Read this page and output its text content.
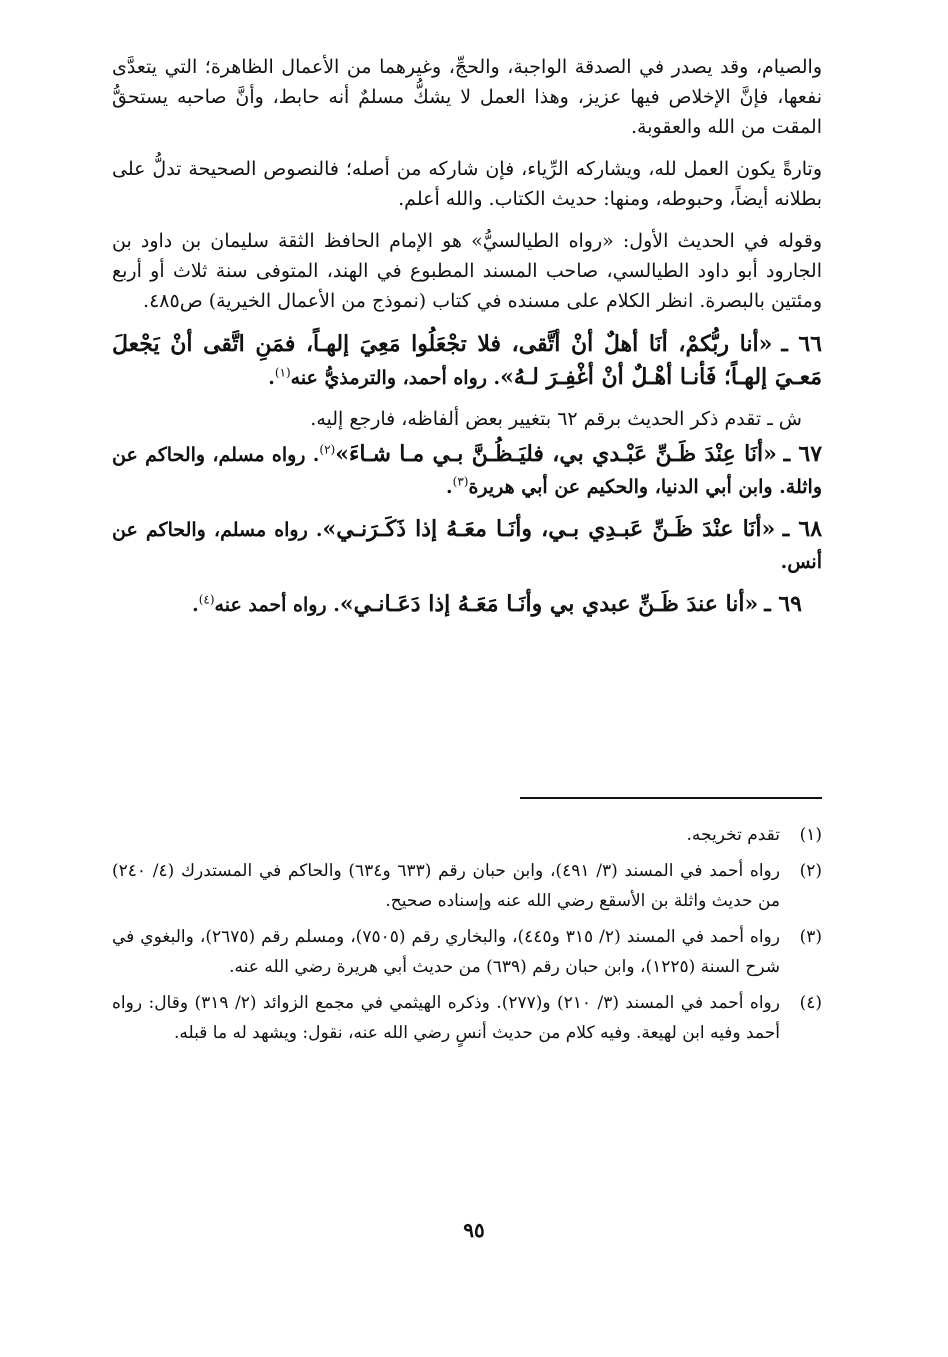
والصيام، وقد يصدر في الصدقة الواجبة، والحجِّ، وغيرهما من الأعمال الظاهرة؛ التي يتعدَّى نفعها، فإنَّ الإخلاص فيها عزيز، وهذا العمل لا يشكُّ مسلمٌ أنه حابط، وأنَّ صاحبه يستحقُّ المقت من الله والعقوبة.

وتارةً يكون العمل لله، ويشاركه الرِّياء، فإن شاركه من أصله؛ فالنصوص الصحيحة تدلُّ على بطلانه أيضاً، وحبوطه، ومنها: حديث الكتاب. والله أعلم.

وقوله في الحديث الأول: «رواه الطيالسيُّ» هو الإمام الحافظ الثقة سليمان بن داود بن الجارود أبو داود الطيالسي، صاحب المسند المطبوع في الهند، المتوفى سنة ثلاث أو أربع ومئتين بالبصرة. انظر الكلام على مسنده في كتاب (نموذج من الأعمال الخيرية) ص٤٨٥.

٦٦ ـ «أنا ربُّكمْ، أنَا أهلٌ أنْ أتَّقى، فلا تجْعَلُوا مَعِيَ إلهـاً، فمَنِ اتَّقى أنْ يَجْعلَ مَعـيَ إلهـاً؛ فَأنـا أهْـلٌ أنْ أغْفِـرَ لـهُ». رواه أحمد، والترمذيُّ عنه$^{(١)}$.

ش ـ تقدم ذكر الحديث برقم ٦٢ بتغيير بعض ألفاظه، فارجع إليه.

٦٧ ـ «أنَا عِنْدَ ظَـنِّ عَبْـدي بي، فليَـظُـنَّ بـي مـا شـاءَ»$^{(٢)}$. رواه مسلم، والحاكم عن واثلة. وابن أبي الدنيا، والحكيم عن أبي هريرة$^{(٣)}$.

٦٨ ـ «أنَا عنْدَ ظَـنِّ عَبـدِي بـي، وأنَـا معَـهُ إذا ذَكَـرَنـي». رواه مسلم، والحاكم عن أنس.

٦٩ ـ «أنا عندَ ظَـنِّ عبدي بي وأنَـا مَعَـهُ إذا دَعَـانـي». رواه أحمد عنه$^{(٤)}$.

(١)
تقدم تخريجه.
(٢)
رواه أحمد في المسند (٣/ ٤٩١)، وابن حبان رقم (٦٣٣ و٦٣٤) والحاكم في المستدرك (٤/ ٢٤٠) من حديث واثلة بن الأسقع رضي الله عنه وإسناده صحيح.
(٣)
رواه أحمد في المسند (٢/ ٣١٥ و٤٤٥)، والبخاري رقم (٧٥٠٥)، ومسلم رقم (٢٦٧٥)، والبغوي في شرح السنة (١٢٢٥)، وابن حبان رقم (٦٣٩) من حديث أبي هريرة رضي الله عنه.
(٤)
رواه أحمد في المسند (٣/ ٢١٠) و(٢٧٧). وذكره الهيثمي في مجمع الزوائد (٢/ ٣١٩) وقال: رواه أحمد وفيه ابن لهيعة. وفيه كلام من حديث أنسٍ رضي الله عنه، نقول: ويشهد له ما قبله.
٩٥
